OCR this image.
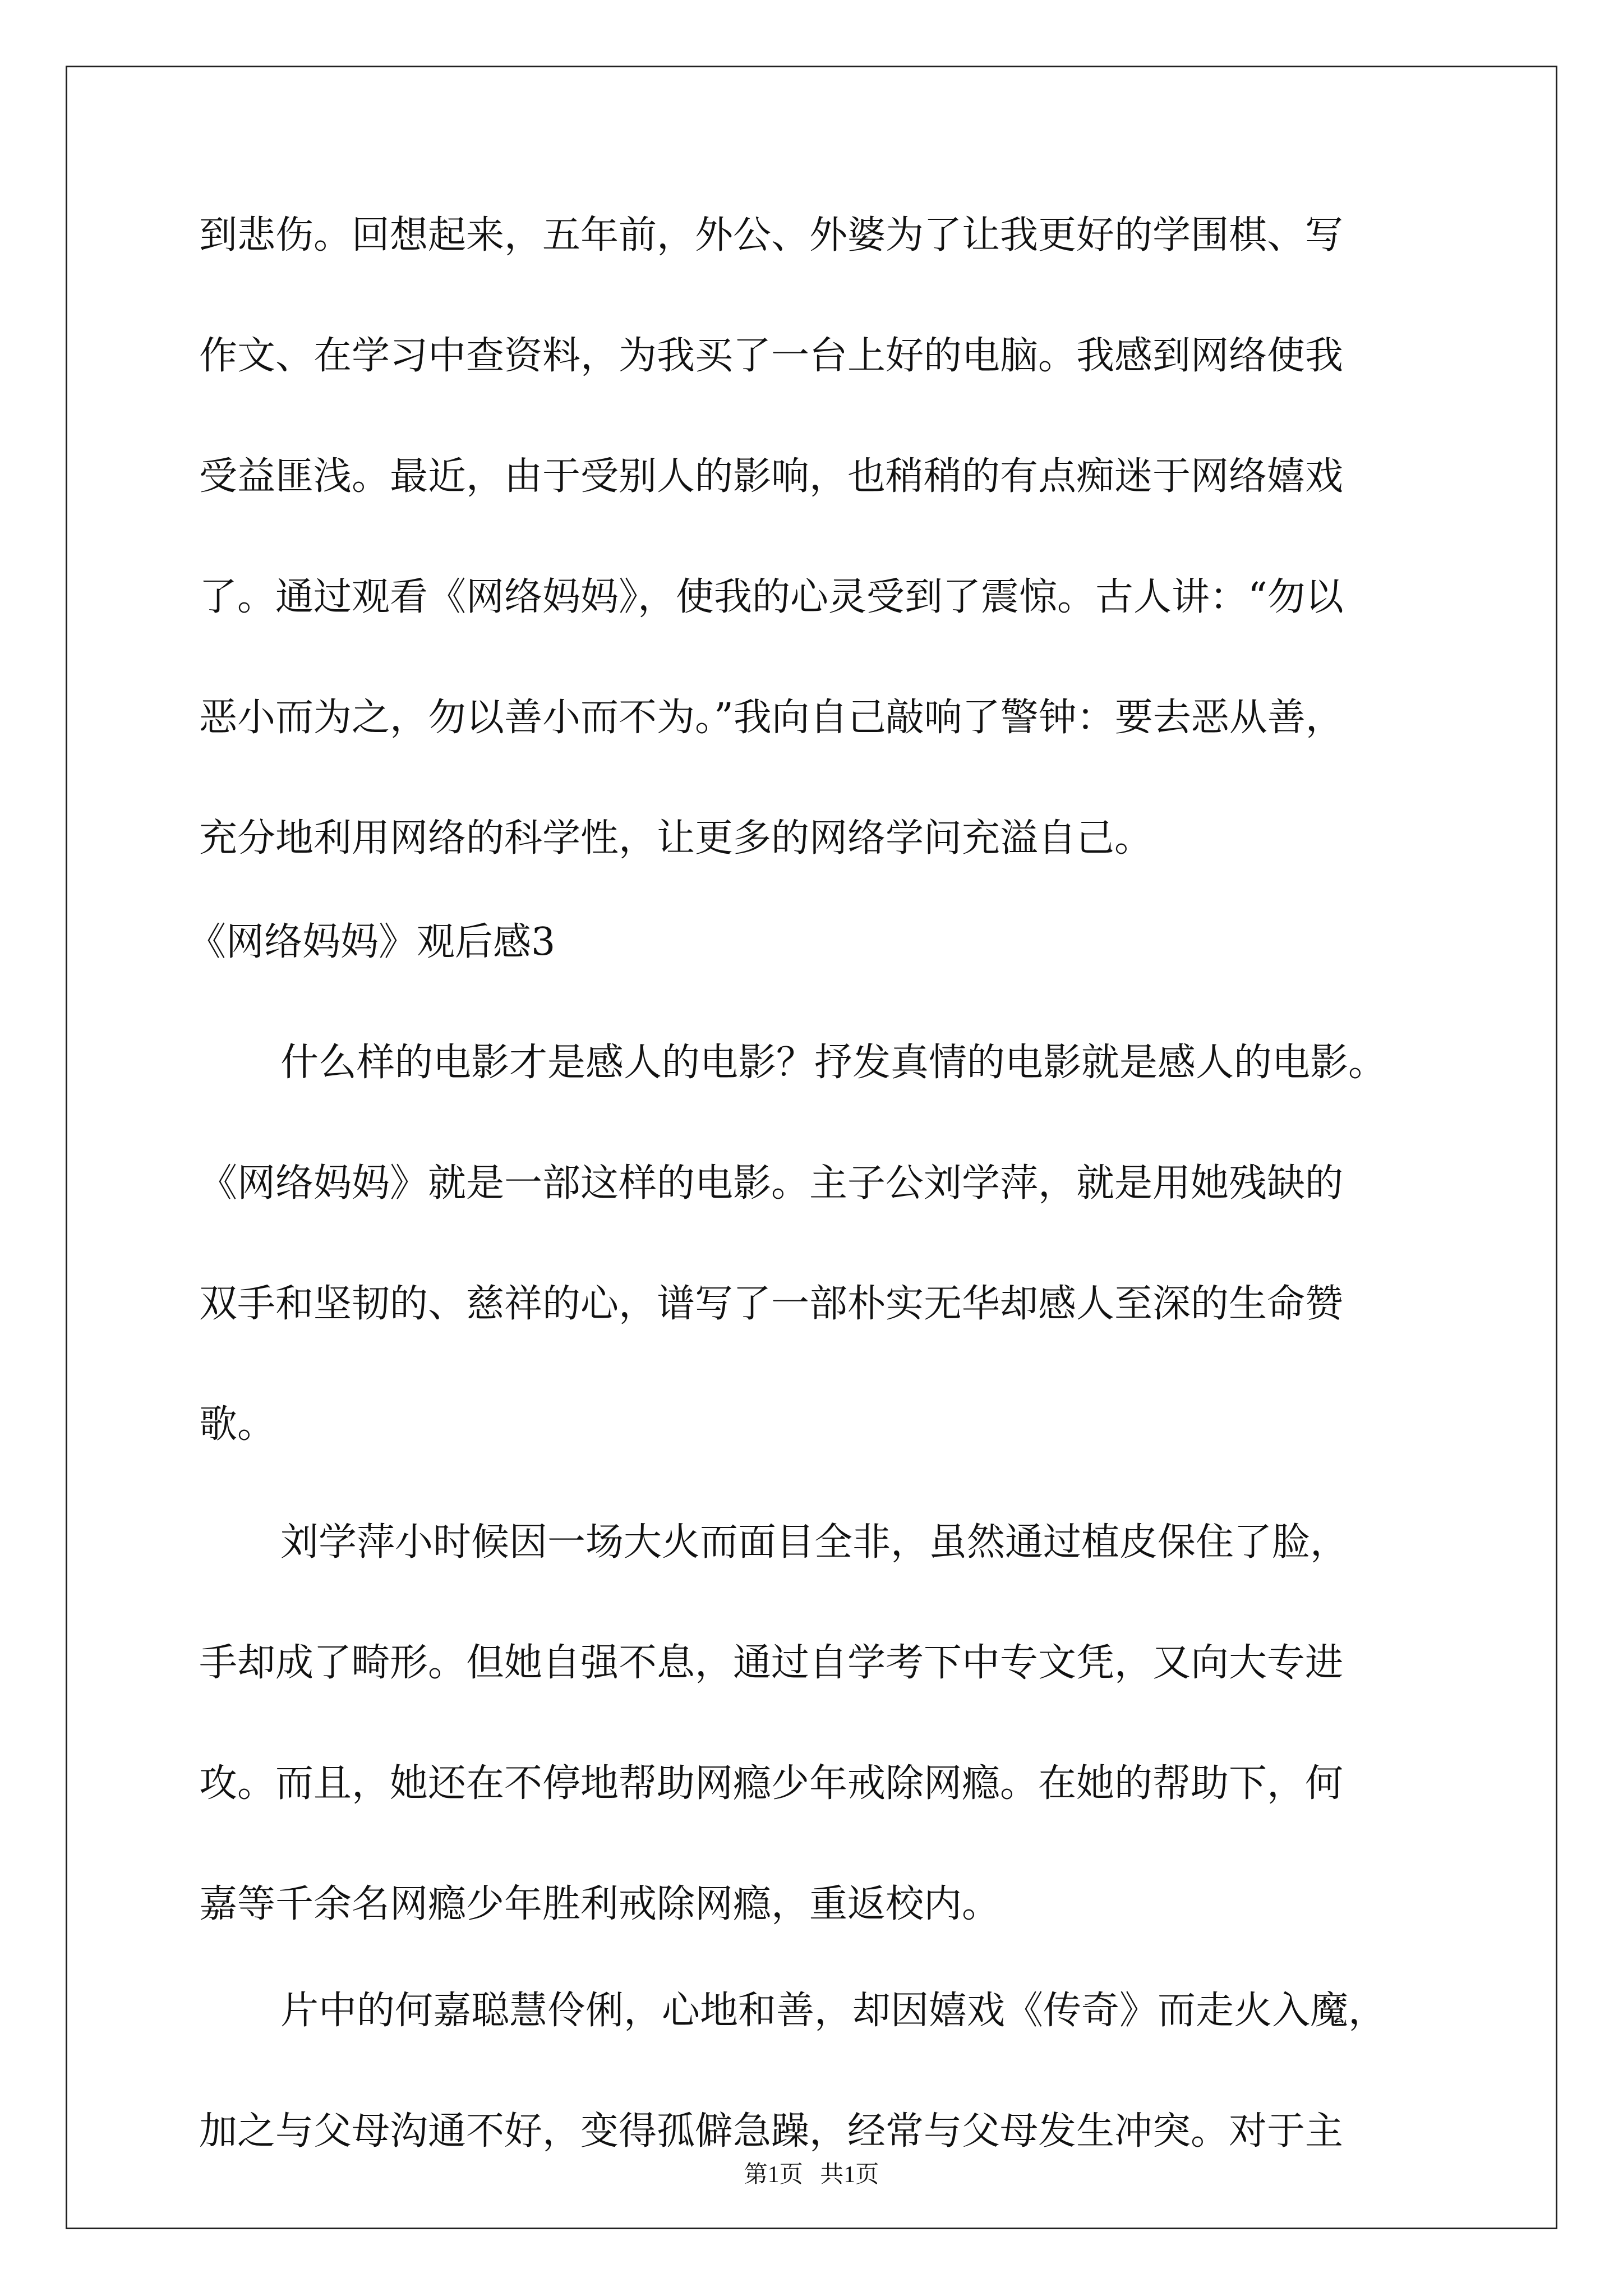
到悲伤。回想起来，五年前，外公、外婆为了让我更好的学围棋、写
作文、在学习中查资料，为我买了一台上好的电脑。我感到网络使我
受益匪浅。最近，由于受别人的影响，也稍稍的有点痴迷于网络嬉戏
了。通过观看《网络妈妈》，使我的心灵受到了震惊。古人讲：“勿以
恶小而为之，勿以善小而不为。”我向自己敲响了警钟：要去恶从善，
充分地利用网络的科学性，让更多的网络学问充溢自己。
《网络妈妈》观后感3
什么样的电影才是感人的电影？抒发真情的电影就是感人的电影。
《网络妈妈》就是一部这样的电影。主子公刘学萍，就是用她残缺的
双手和坚韧的、慈祥的心，谱写了一部朴实无华却感人至深的生命赞
歌。
刘学萍小时候因一场大火而面目全非，虽然通过植皮保住了脸，
手却成了畸形。但她自强不息，通过自学考下中专文凭，又向大专进
攻。而且，她还在不停地帮助网瘾少年戒除网瘾。在她的帮助下，何
嘉等千余名网瘾少年胜利戒除网瘾，重返校内。
片中的何嘉聪慧伶俐，心地和善，却因嬉戏《传奇》而走火入魔，
加之与父母沟通不好，变得孤僻急躁，经常与父母发生冲突。对于主
第1页 共1页
